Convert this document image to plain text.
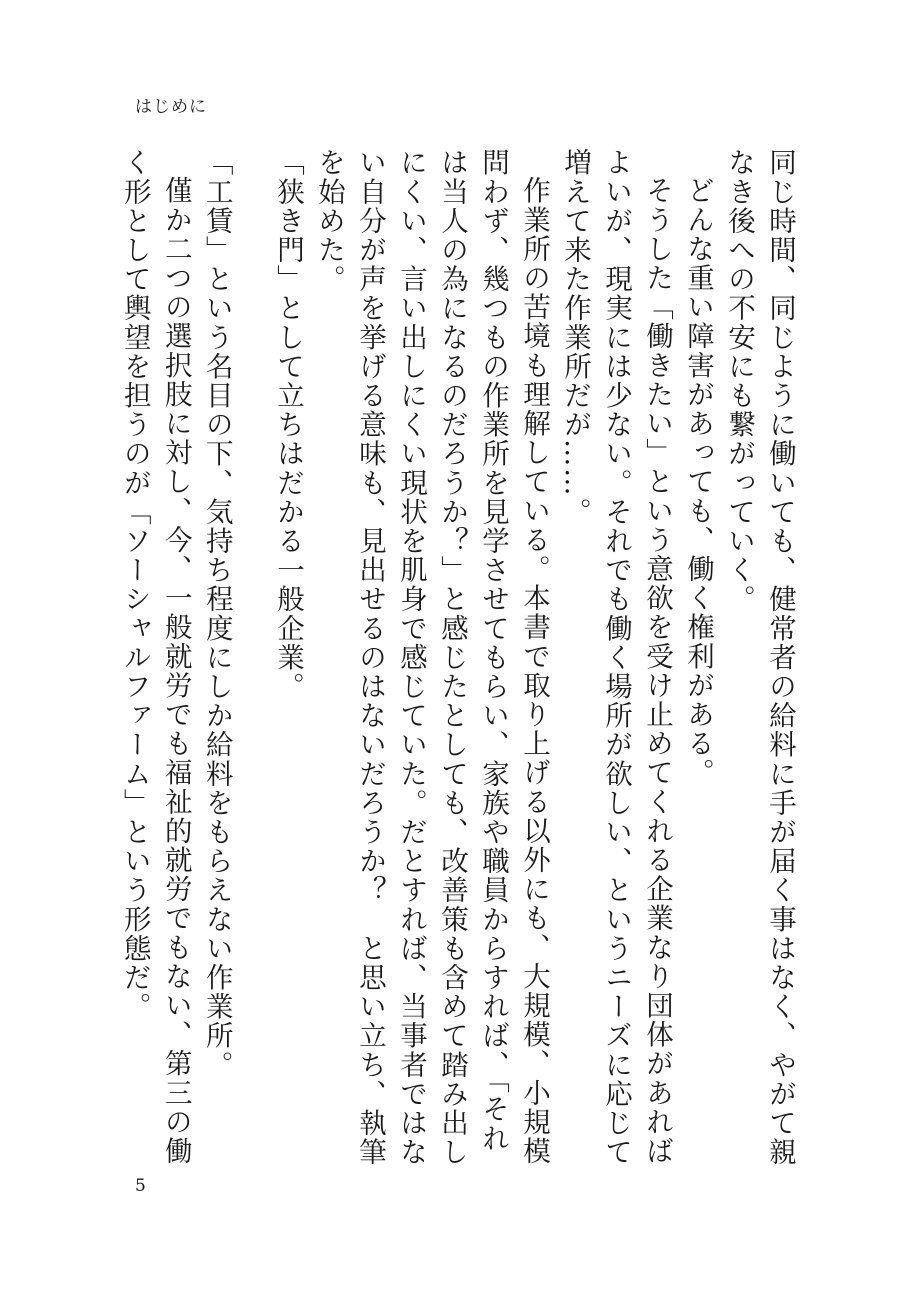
はじめに

同じ時間、同じように働いても、健常者の給料に手が届く事はなく、やがて親なき後への不安にも繋がっていく。

どんな重い障害があっても、働く権利がある。

そうした「働きたい」という意欲を受け止めてくれる企業なり団体があればよいが、現実には少ない。それでも働く場所が欲しい、というニーズに応じて増えて来た作業所だが……。

作業所の苦境も理解している。本書で取り上げる以外にも、大規模、小規模問わず、幾つもの作業所を見学させてもらい、家族や職員からすれば、「それは当人の為になるのだろうか？」と感じたとしても、改善策も含めて踏み出しにくい、言い出しにくい現状を肌身で感じていた。だとすれば、当事者ではない自分が声を挙げる意味も、見出せるのはないだろうか？　と思い立ち、執筆を始めた。

「狭き門」として立ちはだかる一般企業。

「工賃」という名目の下、気持ち程度にしか給料をもらえない作業所。

僅か二つの選択肢に対し、今、一般就労でも福祉的就労でもない、第三の働く形として輿望を担うのが「ソーシャルファーム」という形態だ。

5
